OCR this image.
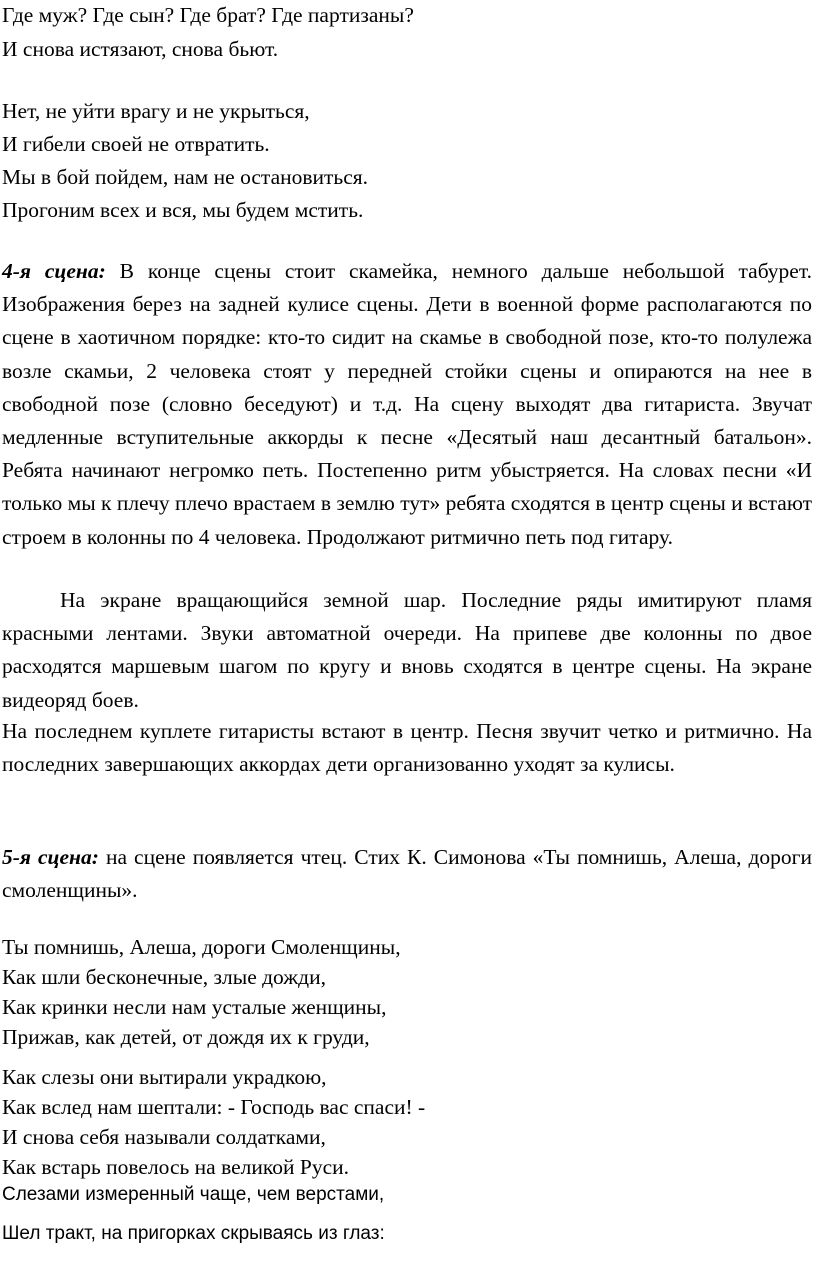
Где муж? Где сын? Где брат? Где партизаны?
И снова истязают, снова бьют.
Нет, не уйти врагу и не укрыться,
И гибели своей не отвратить.
Мы в бой пойдем, нам не остановиться.
Прогоним всех и вся, мы будем мстить.
4-я сцена: В конце сцены стоит скамейка, немного дальше небольшой табурет. Изображения берез на задней кулисе сцены. Дети в военной форме располагаются по сцене в хаотичном порядке: кто-то сидит на скамье в свободной позе, кто-то полулежа возле скамьи, 2 человека стоят у передней стойки сцены и опираются на нее в свободной позе (словно беседуют) и т.д. На сцену выходят два гитариста. Звучат медленные вступительные аккорды к песне «Десятый наш десантный батальон». Ребята начинают негромко петь. Постепенно ритм убыстряется. На словах песни «И только мы к плечу плечо врастаем в землю тут» ребята сходятся в центр сцены и встают строем в колонны по 4 человека. Продолжают ритмично петь под гитару.
На экране вращающийся земной шар. Последние ряды имитируют пламя красными лентами. Звуки автоматной очереди. На припеве две колонны по двое расходятся маршевым шагом по кругу и вновь сходятся в центре сцены. На экране видеоряд боев.
На последнем куплете гитаристы встают в центр. Песня звучит четко и ритмично. На последних завершающих аккордах дети организованно уходят за кулисы.
5-я сцена: на сцене появляется чтец. Стих К. Симонова «Ты помнишь, Алеша, дороги смоленщины».
Ты помнишь, Алеша, дороги Смоленщины,
Как шли бесконечные, злые дожди,
Как кринки несли нам усталые женщины,
Прижав, как детей, от дождя их к груди,
Как слезы они вытирали украдкою,
Как вслед нам шептали: - Господь вас спаси! -
И снова себя называли солдатками,
Как встарь повелось на великой Руси.
Слезами измеренный чаще, чем верстами,
Шел тракт, на пригорках скрываясь из глаз:
